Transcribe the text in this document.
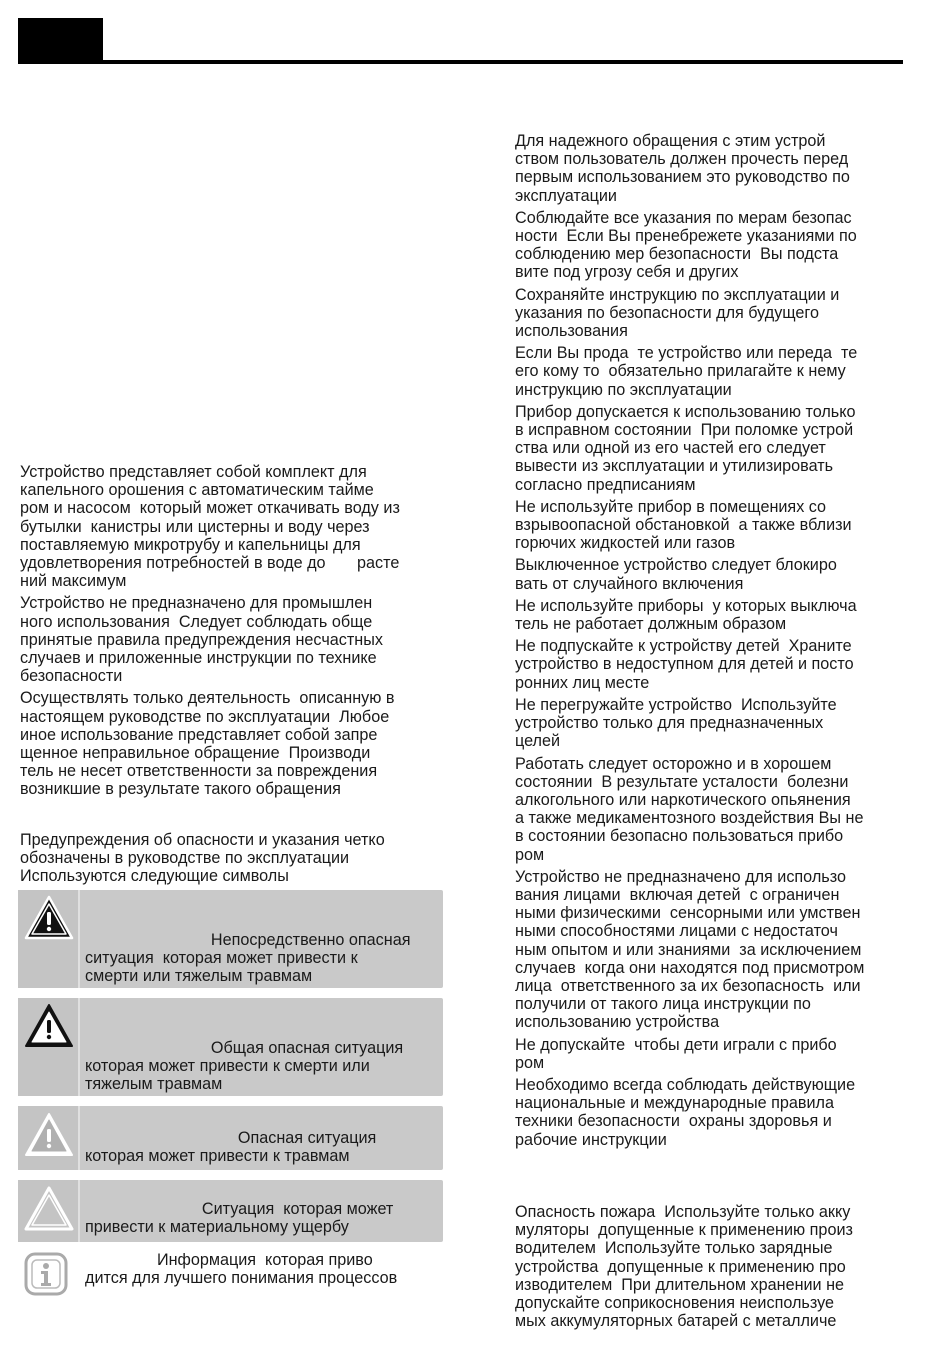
Для надежного обращения с этим устрой
ством пользователь должен прочесть перед
первым использованием это руководство по
эксплуатации

Соблюдайте все указания по мерам безопас
ности  Если Вы пренебрежете указаниями по
соблюдению мер безопасности  Вы подста
вите под угрозу себя и других

Сохраняйте инструкцию по эксплуатации и
указания по безопасности для будущего
использования

Если Вы прода  те устройство или переда  те
его кому то  обязательно прилагайте к нему
инструкцию по эксплуатации

Прибор допускается к использованию только
в исправном состоянии  При поломке устрой
ства или одной из его частей его следует
вывести из эксплуатации и утилизировать
согласно предписаниям

Не используйте прибор в помещениях со
взрывоопасной обстановкой  а также вблизи
горючих жидкостей или газов

Выключенное устройство следует блокиро
вать от случайного включения

Не используйте приборы  у которых выключа
тель не работает должным образом

Не подпускайте к устройству детей  Храните
устройство в недоступном для детей и посто
ронних лиц месте

Не перегружайте устройство  Используйте
устройство только для предназначенных
целей

Работать следует осторожно и в хорошем
состоянии  В результате усталости  болезни
алкогольного или наркотического опьянения
а также медикаментозного воздействия Вы не
в состоянии безопасно пользоваться прибо
ром

Устройство не предназначено для использо
вания лицами  включая детей  с ограничен
ными физическими  сенсорными или умствен
ными способностями лицами с недостаточ
ным опытом и или знаниями  за исключением
случаев  когда они находятся под присмотром
лица  ответственного за их безопасность  или
получили от такого лица инструкции по
использованию устройства

Не допускайте  чтобы дети играли с прибо
ром

Необходимо всегда соблюдать действующие
национальные и международные правила
техники безопасности  охраны здоровья и
рабочие инструкции

Опасность пожара  Используйте только акку
муляторы  допущенные к применению произ
водителем  Используйте только зарядные
устройства  допущенные к применению про
изводителем  При длительном хранении не
допускайте соприкосновения неиспользуе
мых аккумуляторных батарей с металличе

Устройство представляет собой комплект для
капельного орошения с автоматическим тайме
ром и насосом  который может откачивать воду из
бутылки  канистры или цистерны и воду через
поставляемую микротрубу и капельницы для
удовлетворения потребностей в воде до       расте
ний максимум

Устройство не предназначено для промышлен
ного использования  Следует соблюдать обще
принятые правила предупреждения несчастных
случаев и приложенные инструкции по технике
безопасности

Осуществлять только деятельность  описанную в
настоящем руководстве по эксплуатации  Любое
иное использование представляет собой запре
щенное неправильное обращение  Производи
тель не несет ответственности за повреждения
возникшие в результате такого обращения

Предупреждения об опасности и указания четко
обозначены в руководстве по эксплуатации
Используются следующие символы

Непосредственно опасная
ситуация  которая может привести к
смерти или тяжелым травмам
Общая опасная ситуация
которая может привести к смерти или
тяжелым травмам
Опасная ситуация
которая может привести к травмам
Ситуация  которая может
привести к материальному ущербу
Информация  которая приво
дится для лучшего понимания процессов
